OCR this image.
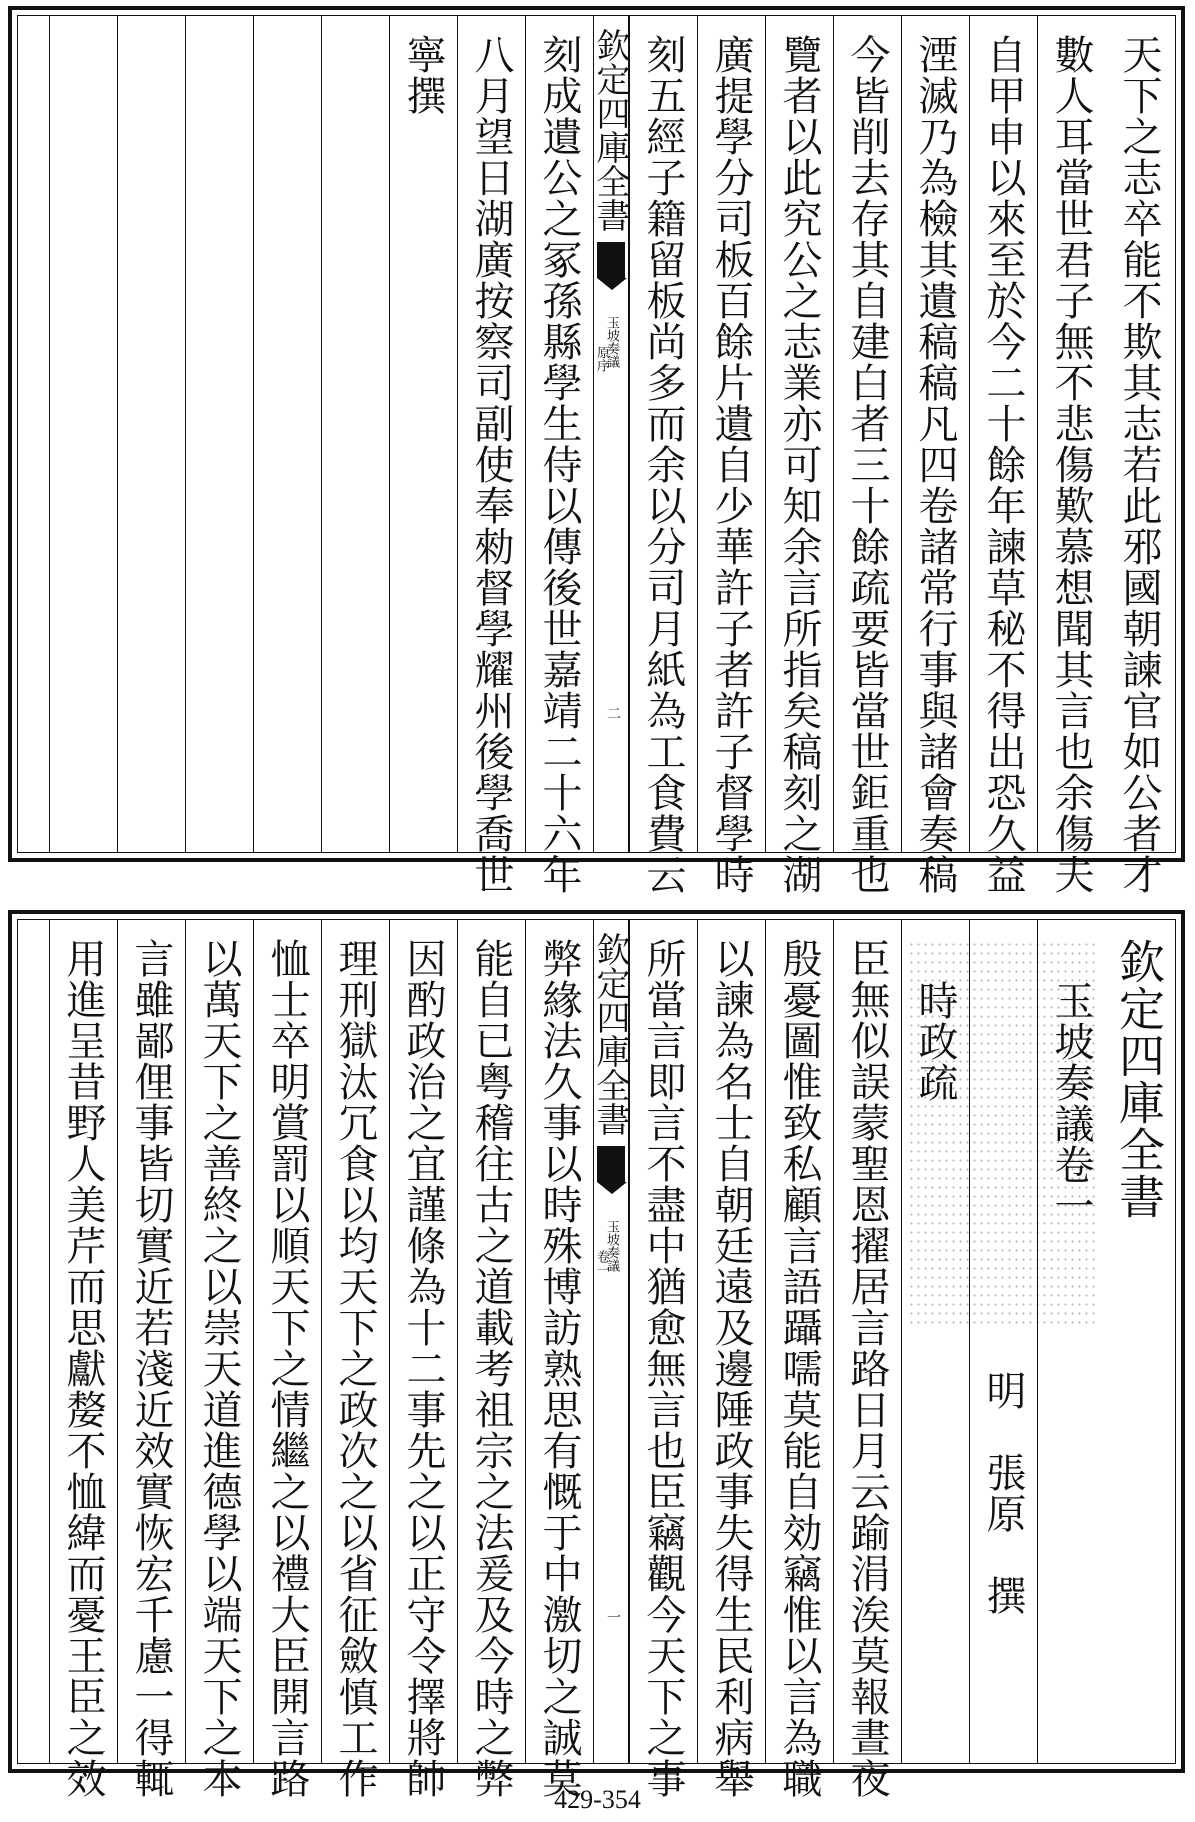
天下之志卒能不欺其志若此邪國朝諫官如公者才
數人耳當世君子無不悲傷歎慕想聞其言也余傷夫
自甲申以來至於今二十餘年諫草秘不得出恐久益
湮滅乃為檢其遺稿稿凡四卷諸常行事與諸會奏稿
今皆削去存其自建白者三十餘疏要皆當世鉅重也
覽者以此究公之志業亦可知余言所指矣稿刻之湖
廣提學分司板百餘片遺自少華許子者許子督學時
刻五經子籍留板尚多而余以分司月紙為工食費云
欽定四庫全書
玉坡奏議
原序
二
刻成遺公之冢孫縣學生侍以傳後世嘉靖二十六年
八月望日湖廣按察司副使奉勑督學耀州後學喬世
寧撰
欽定四庫全書
玉坡奏議卷一
明　張原　撰
時政疏
臣無似誤蒙聖恩擢居言路日月云踰涓涘莫報晝夜
殷憂圖惟致私顧言語躡嚅莫能自効竊惟以言為職
以諫為名士自朝廷遠及邊陲政事失得生民利病舉
所當言即言不盡中猶愈無言也臣竊觀今天下之事
欽定四庫全書
玉坡奏議
卷一
一
弊緣法久事以時殊博訪熟思有慨于中激切之誠莫
能自已粤稽往古之道載考祖宗之法爰及今時之弊
因酌政治之宜謹條為十二事先之以正守令擇將帥
理刑獄汰冗食以均天下之政次之以省征斂慎工作
恤士卒明賞罰以順天下之情繼之以禮大臣開言路
以萬天下之善終之以崇天道進德學以端天下之本
言雖鄙俚事皆切實近若淺近效實恢宏千慮一得輒
用進呈昔野人美芹而思獻嫠不恤緯而憂王臣之效
429-354
